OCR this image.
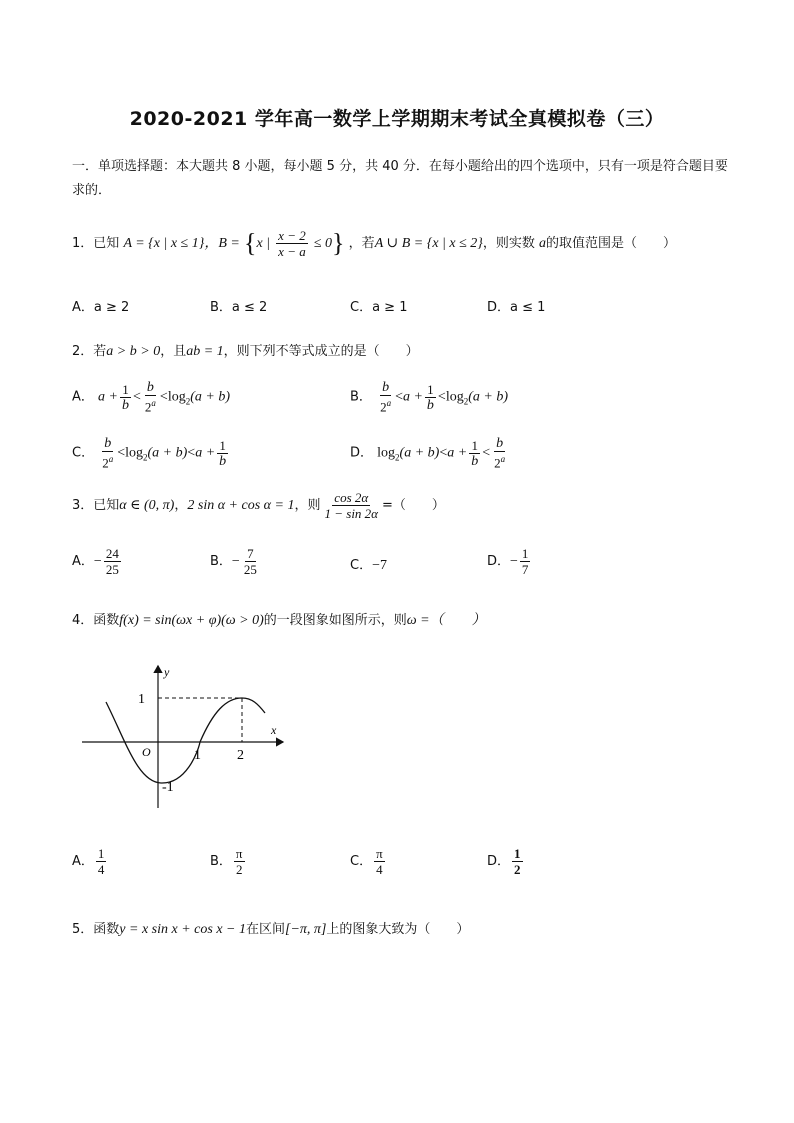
2020-2021 学年高一数学上学期期末考试全真模拟卷（三）
一．单项选择题：本大题共 8 小题，每小题 5 分，共 40 分．在每小题给出的四个选项中，只有一项是符合题目要求的．
1．已知 A = {x | x ≤ 1}，B = {x | $\frac{x - 2}{x - a} \le 0$} ，若A ∪ B = {x | x ≤ 2}，则实数 a的取值范围是（　　）
A．a ≥ 2	B．a ≤ 2	C．a ≥ 1	D．a ≤ 1
2．若a > b > 0，且ab = 1，则下列不等式成立的是（　　）
A． $a + \frac{1}{b} < \frac{b}{2^a} <\log_2(a + b)$	B． $\frac{b}{2^a} <a + \frac{1}{b} <\log_2(a + b)$
C． $\frac{b}{2^a} <\log_2(a + b)<a + \frac{1}{b}$	D． $\log_2(a + b)<a + \frac{1}{b} < \frac{b}{2^a}$
3．已知α ∈ (0, π)，2 sin α + cos α = 1，则 $\frac{\cos 2\alpha}{1 - \sin 2\alpha}$ =（　　）
A．− $\frac{24}{25}$	B．− $\frac{7}{25}$	C．−7	D．− $\frac{1}{7}$
4．函数f(x) = sin(ωx + φ)(ω > 0)的一段图象如图所示，则ω =（　　）
y
x
O
1
-1
1	2
A． $\frac{1}{4}$	B． $\frac{\pi}{2}$	C． $\frac{\pi}{4}$	D． $\frac{1}{2}$
5．函数y = x sin x + cos x − 1在区间[−π, π]上的图象大致为（　　）
